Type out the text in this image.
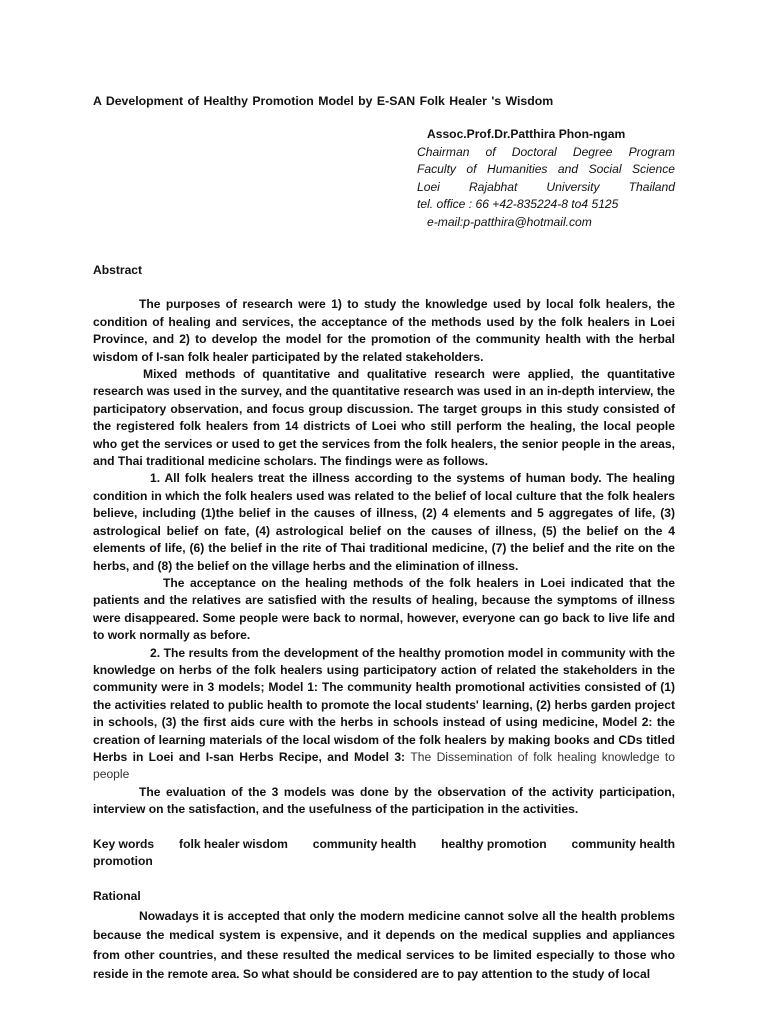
A Development of Healthy Promotion Model by E-SAN Folk Healer 's Wisdom
Assoc.Prof.Dr.Patthira Phon-ngam
Chairman of Doctoral Degree Program
Faculty of Humanities and Social Science
Loei Rajabhat University Thailand
tel. office : 66 +42-835224-8 to4 5125
e-mail:p-patthira@hotmail.com

Abstract

The purposes of research were 1) to study the knowledge used by local folk healers, the condition of healing and services, the acceptance of the methods used by the folk healers in Loei Province, and 2) to develop the model for the promotion of the community health with the herbal wisdom of I-san folk healer participated by the related stakeholders.

Mixed methods of quantitative and qualitative research were applied, the quantitative research was used in the survey, and the quantitative research was used in an in-depth interview, the participatory observation, and focus group discussion. The target groups in this study consisted of the registered folk healers from 14 districts of Loei who still perform the healing, the local people who get the services or used to get the services from the folk healers, the senior people in the areas, and Thai traditional medicine scholars. The findings were as follows.

1. All folk healers treat the illness according to the systems of human body. The healing condition in which the folk healers used was related to the belief of local culture that the folk healers believe, including (1)the belief in the causes of illness, (2) 4 elements and 5 aggregates of life, (3) astrological belief on fate, (4) astrological belief on the causes of illness, (5) the belief on the 4 elements of life, (6) the belief in the rite of Thai traditional medicine, (7) the belief and the rite on the herbs, and (8) the belief on the village herbs and the elimination of illness.

The acceptance on the healing methods of the folk healers in Loei indicated that the patients and the relatives are satisfied with the results of healing, because the symptoms of illness were disappeared. Some people were back to normal, however, everyone can go back to live life and to work normally as before.

2. The results from the development of the healthy promotion model in community with the knowledge on herbs of the folk healers using participatory action of related the stakeholders in the community were in 3 models; Model 1: The community health promotional activities consisted of (1) the activities related to public health to promote the local students' learning, (2) herbs garden project in schools, (3) the first aids cure with the herbs in schools instead of using medicine, Model 2: the creation of learning materials of the local wisdom of the folk healers by making books and CDs titled Herbs in Loei and I-san Herbs Recipe, and Model 3: The Dissemination of folk healing knowledge to people

The evaluation of the 3 models was done by the observation of the activity participation, interview on the satisfaction, and the usefulness of the participation in the activities.

Key words folk healer wisdom community health healthy promotion community health

promotion

Rational

Nowadays it is accepted that only the modern medicine cannot solve all the health problems because the medical system is expensive, and it depends on the medical supplies and appliances from other countries, and these resulted the medical services to be limited especially to those who reside in the remote area. So what should be considered are to pay attention to the study of local
